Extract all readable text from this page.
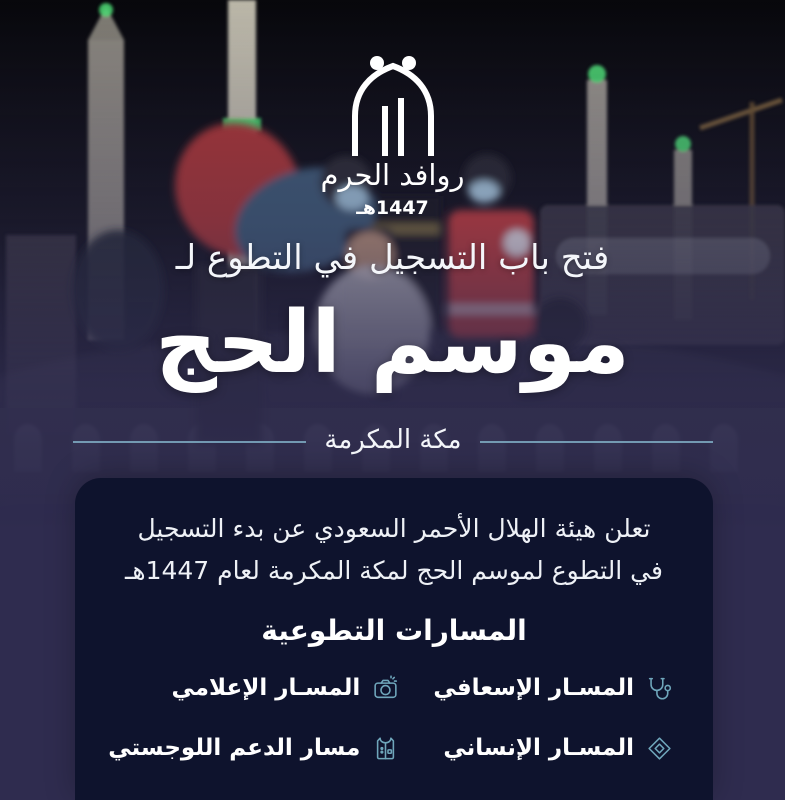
روافد الحرم
1447هـ
فتح باب التسجيل في التطوع لـ
موسم الحج
مكة المكرمة

تعلن هيئة الهلال الأحمر السعودي عن بدء التسجيل في التطوع لموسم الحج لمكة المكرمة لعام 1447هـ

المسارات التطوعية
المسـار الإسعافي
المسـار الإعلامي
المسـار الإنساني
مسار الدعم اللوجستي
